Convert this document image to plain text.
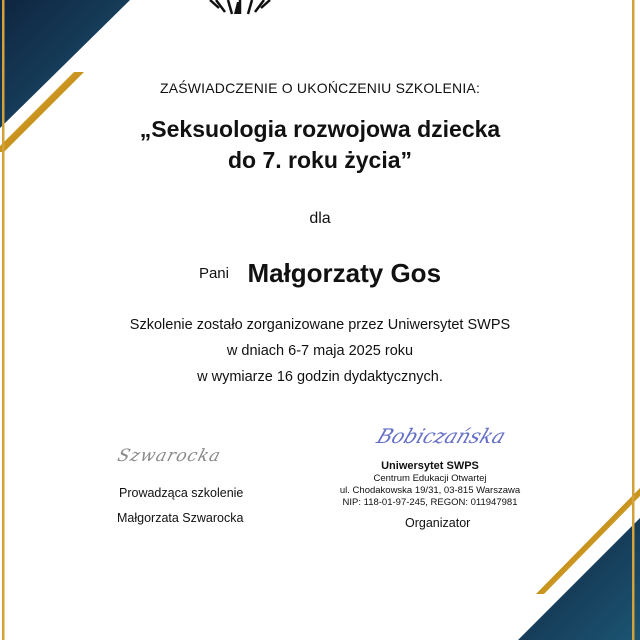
ZAŚWIADCZENIE O UKOŃCZENIU SZKOLENIA:
„Seksuologia rozwojowa dziecka
do 7. roku życia”
dla
Pani Małgorzaty Gos
Szkolenie zostało zorganizowane przez Uniwersytet SWPS
w dniach 6-7 maja 2025 roku
w wymiarze 16 godzin dydaktycznych.
Szwarocka
Prowadząca szkolenie
Małgorzata Szwarocka
Bobiczańska
Uniwersytet SWPS
Centrum Edukacji Otwartej
ul. Chodakowska 19/31, 03-815 Warszawa
NIP: 118-01-97-245, REGON: 011947981
Organizator
